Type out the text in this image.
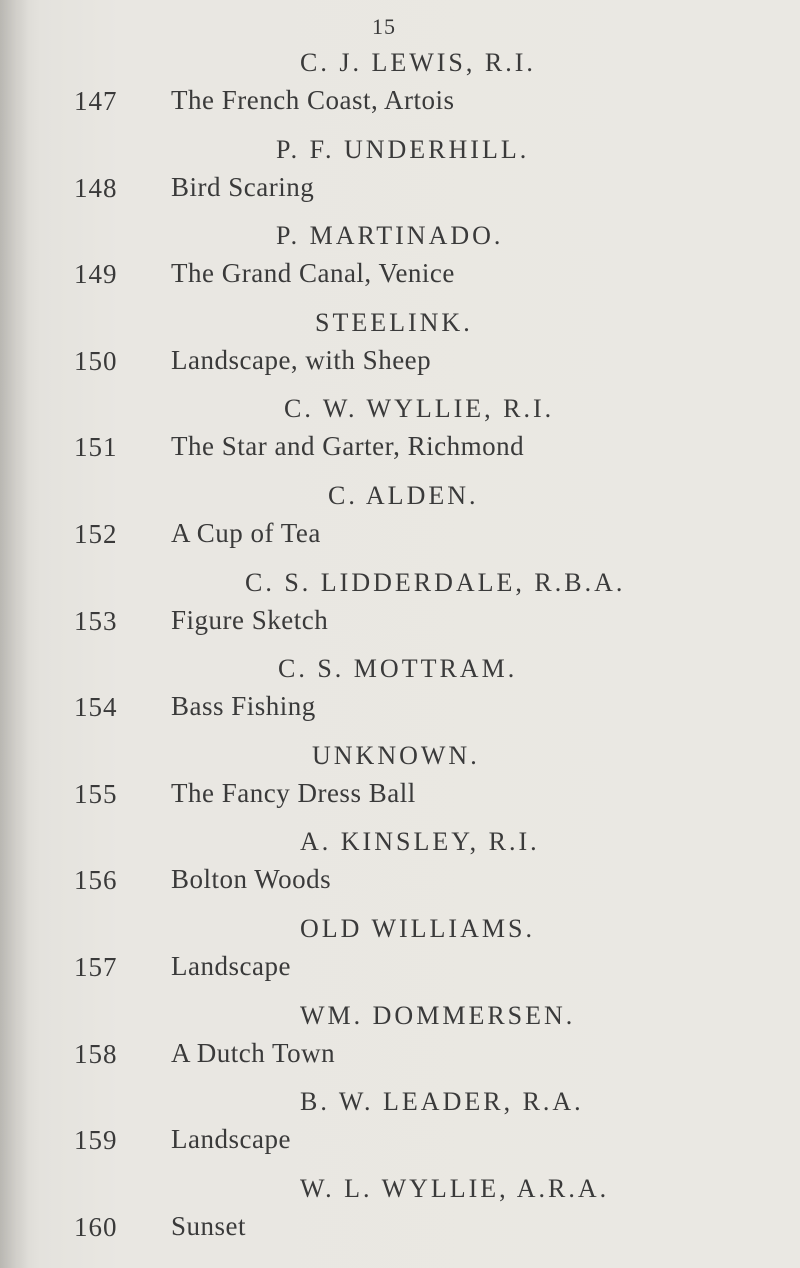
15
C. J. LEWIS, R.I.
147 The French Coast, Artois
P. F. UNDERHILL.
148 Bird Scaring
P. MARTINADO.
149 The Grand Canal, Venice
STEELINK.
150 Landscape, with Sheep
C. W. WYLLIE, R.I.
151 The Star and Garter, Richmond
C. ALDEN.
152 A Cup of Tea
C. S. LIDDERDALE, R.B.A.
153 Figure Sketch
C. S. MOTTRAM.
154 Bass Fishing
UNKNOWN.
155 The Fancy Dress Ball
A. KINSLEY, R.I.
156 Bolton Woods
OLD WILLIAMS.
157 Landscape
WM. DOMMERSEN.
158 A Dutch Town
B. W. LEADER, R.A.
159 Landscape
W. L. WYLLIE, A.R.A.
160 Sunset
